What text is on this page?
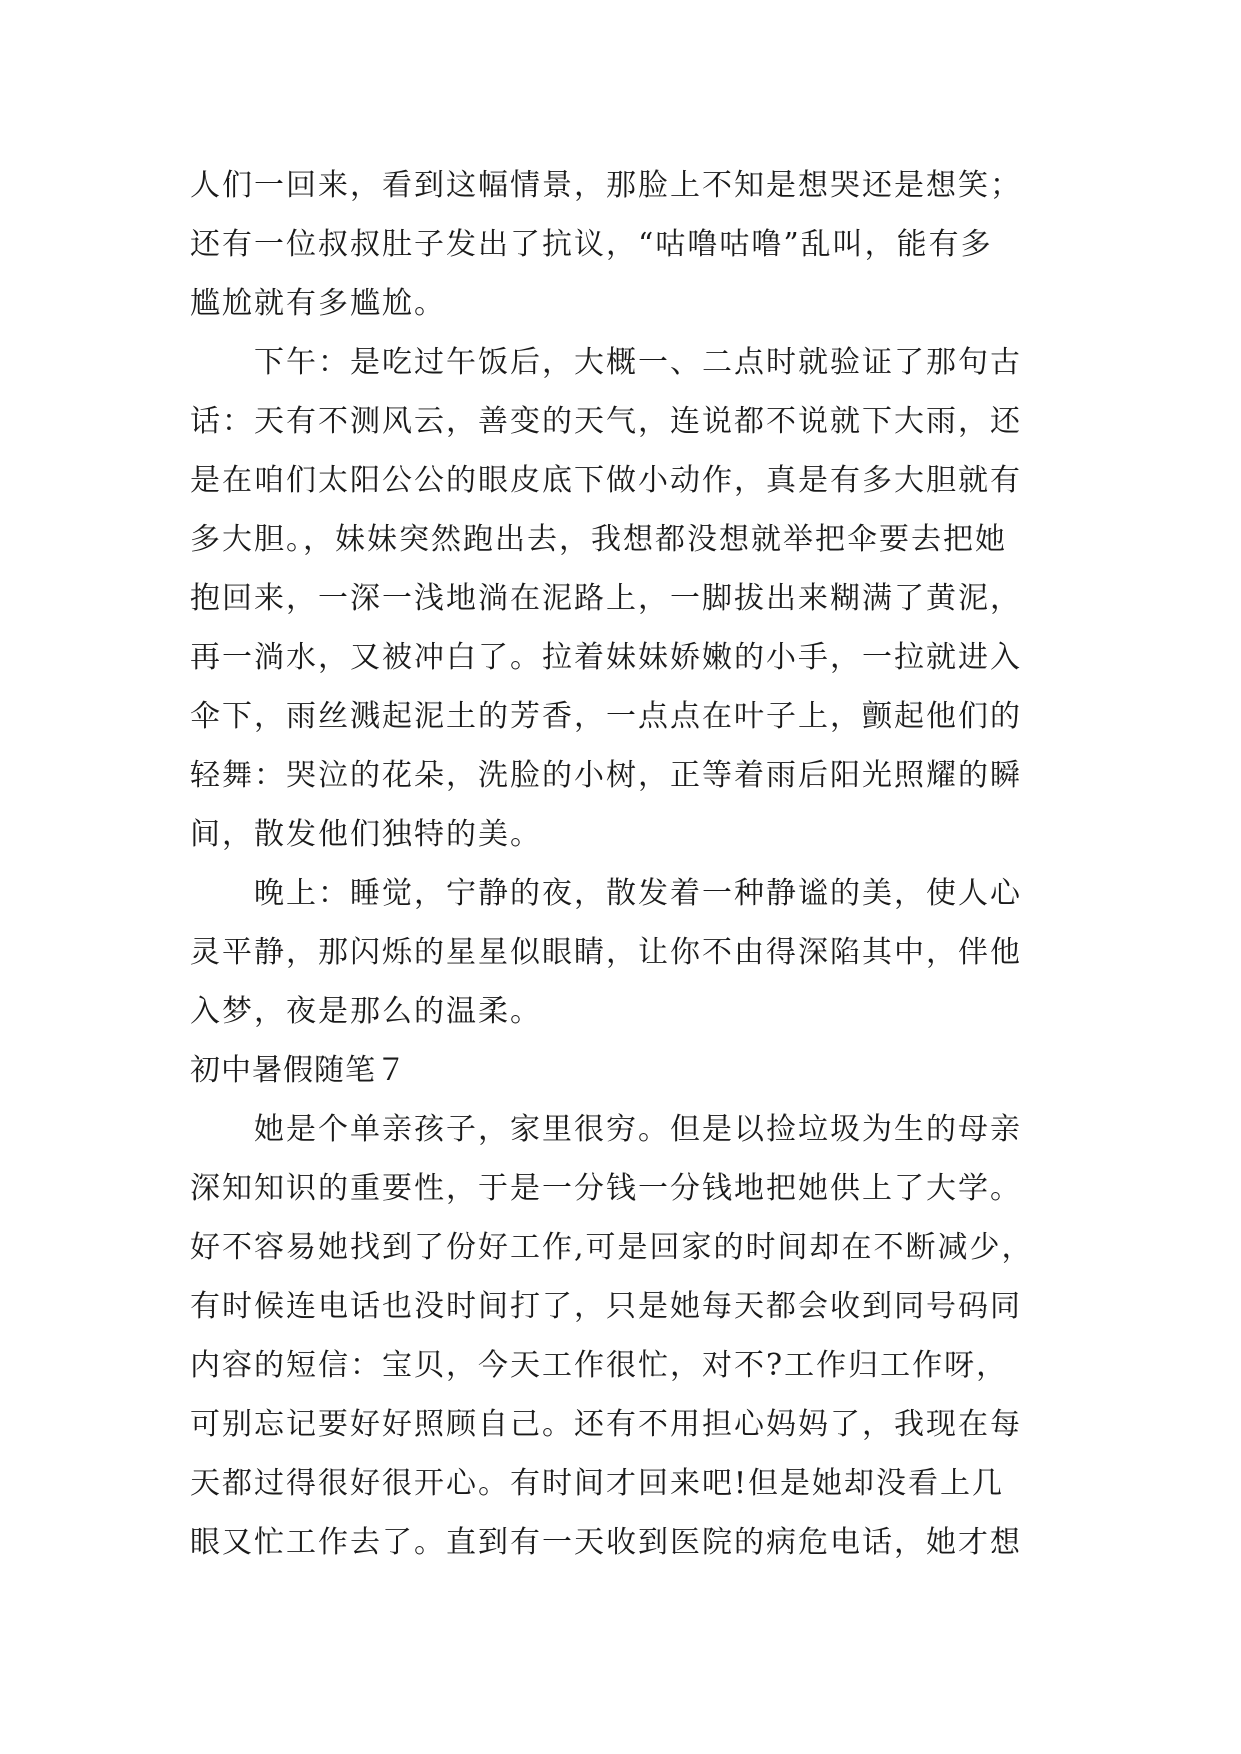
人们一回来，看到这幅情景，那脸上不知是想哭还是想笑；
还有一位叔叔肚子发出了抗议，“咕噜咕噜”乱叫，能有多
尴尬就有多尴尬。
下午：是吃过午饭后，大概一、二点时就验证了那句古
话：天有不测风云，善变的天气，连说都不说就下大雨，还
是在咱们太阳公公的眼皮底下做小动作，真是有多大胆就有
多大胆。，妹妹突然跑出去，我想都没想就举把伞要去把她
抱回来，一深一浅地淌在泥路上，一脚拔出来糊满了黄泥，
再一淌水，又被冲白了。拉着妹妹娇嫩的小手，一拉就进入
伞下，雨丝溅起泥土的芳香，一点点在叶子上，颤起他们的
轻舞：哭泣的花朵，洗脸的小树，正等着雨后阳光照耀的瞬
间，散发他们独特的美。
晚上：睡觉，宁静的夜，散发着一种静谧的美，使人心
灵平静，那闪烁的星星似眼睛，让你不由得深陷其中，伴他
入梦，夜是那么的温柔。
初中暑假随笔７
她是个单亲孩子，家里很穷。但是以捡垃圾为生的母亲
深知知识的重要性，于是一分钱一分钱地把她供上了大学。
好不容易她找到了份好工作,可是回家的时间却在不断减少，
有时候连电话也没时间打了，只是她每天都会收到同号码同
内容的短信：宝贝，今天工作很忙，对不?工作归工作呀，
可别忘记要好好照顾自己。还有不用担心妈妈了，我现在每
天都过得很好很开心。有时间才回来吧!但是她却没看上几
眼又忙工作去了。直到有一天收到医院的病危电话，她才想
